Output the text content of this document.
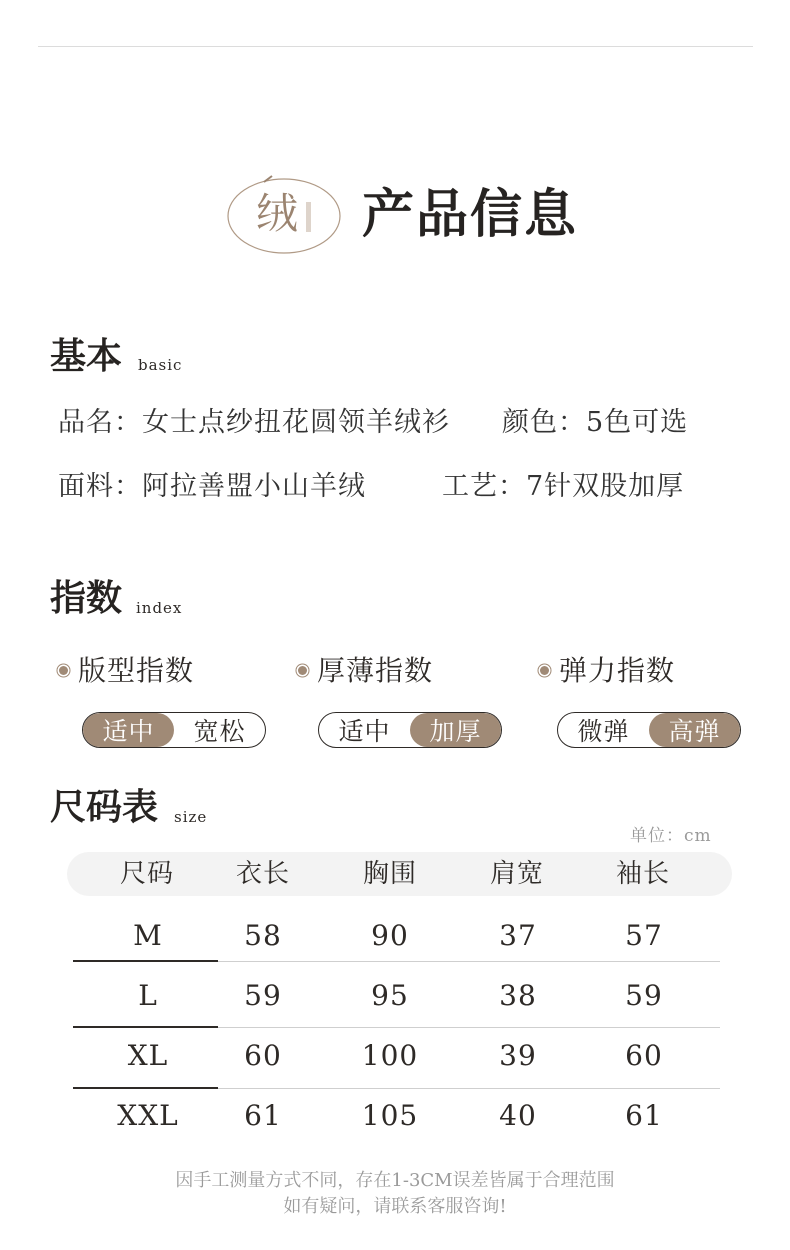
绒 产品信息
基本 basic
品名：女士点纱扭花圆领羊绒衫 颜色：5色可选
面料：阿拉善盟小山羊绒	工艺：7针双股加厚
指数 index
版型指数
适中	宽松
厚薄指数
适中	加厚
弹力指数
微弹	高弹
尺码表 size
单位：cm
尺码	衣长	胸围	肩宽	袖长
M	58	90	37	57
L	59	95	38	59
XL	60	100	39	60
XXL	61	105	40	61
因手工测量方式不同，存在1-3CM误差皆属于合理范围
如有疑问，请联系客服咨询!
